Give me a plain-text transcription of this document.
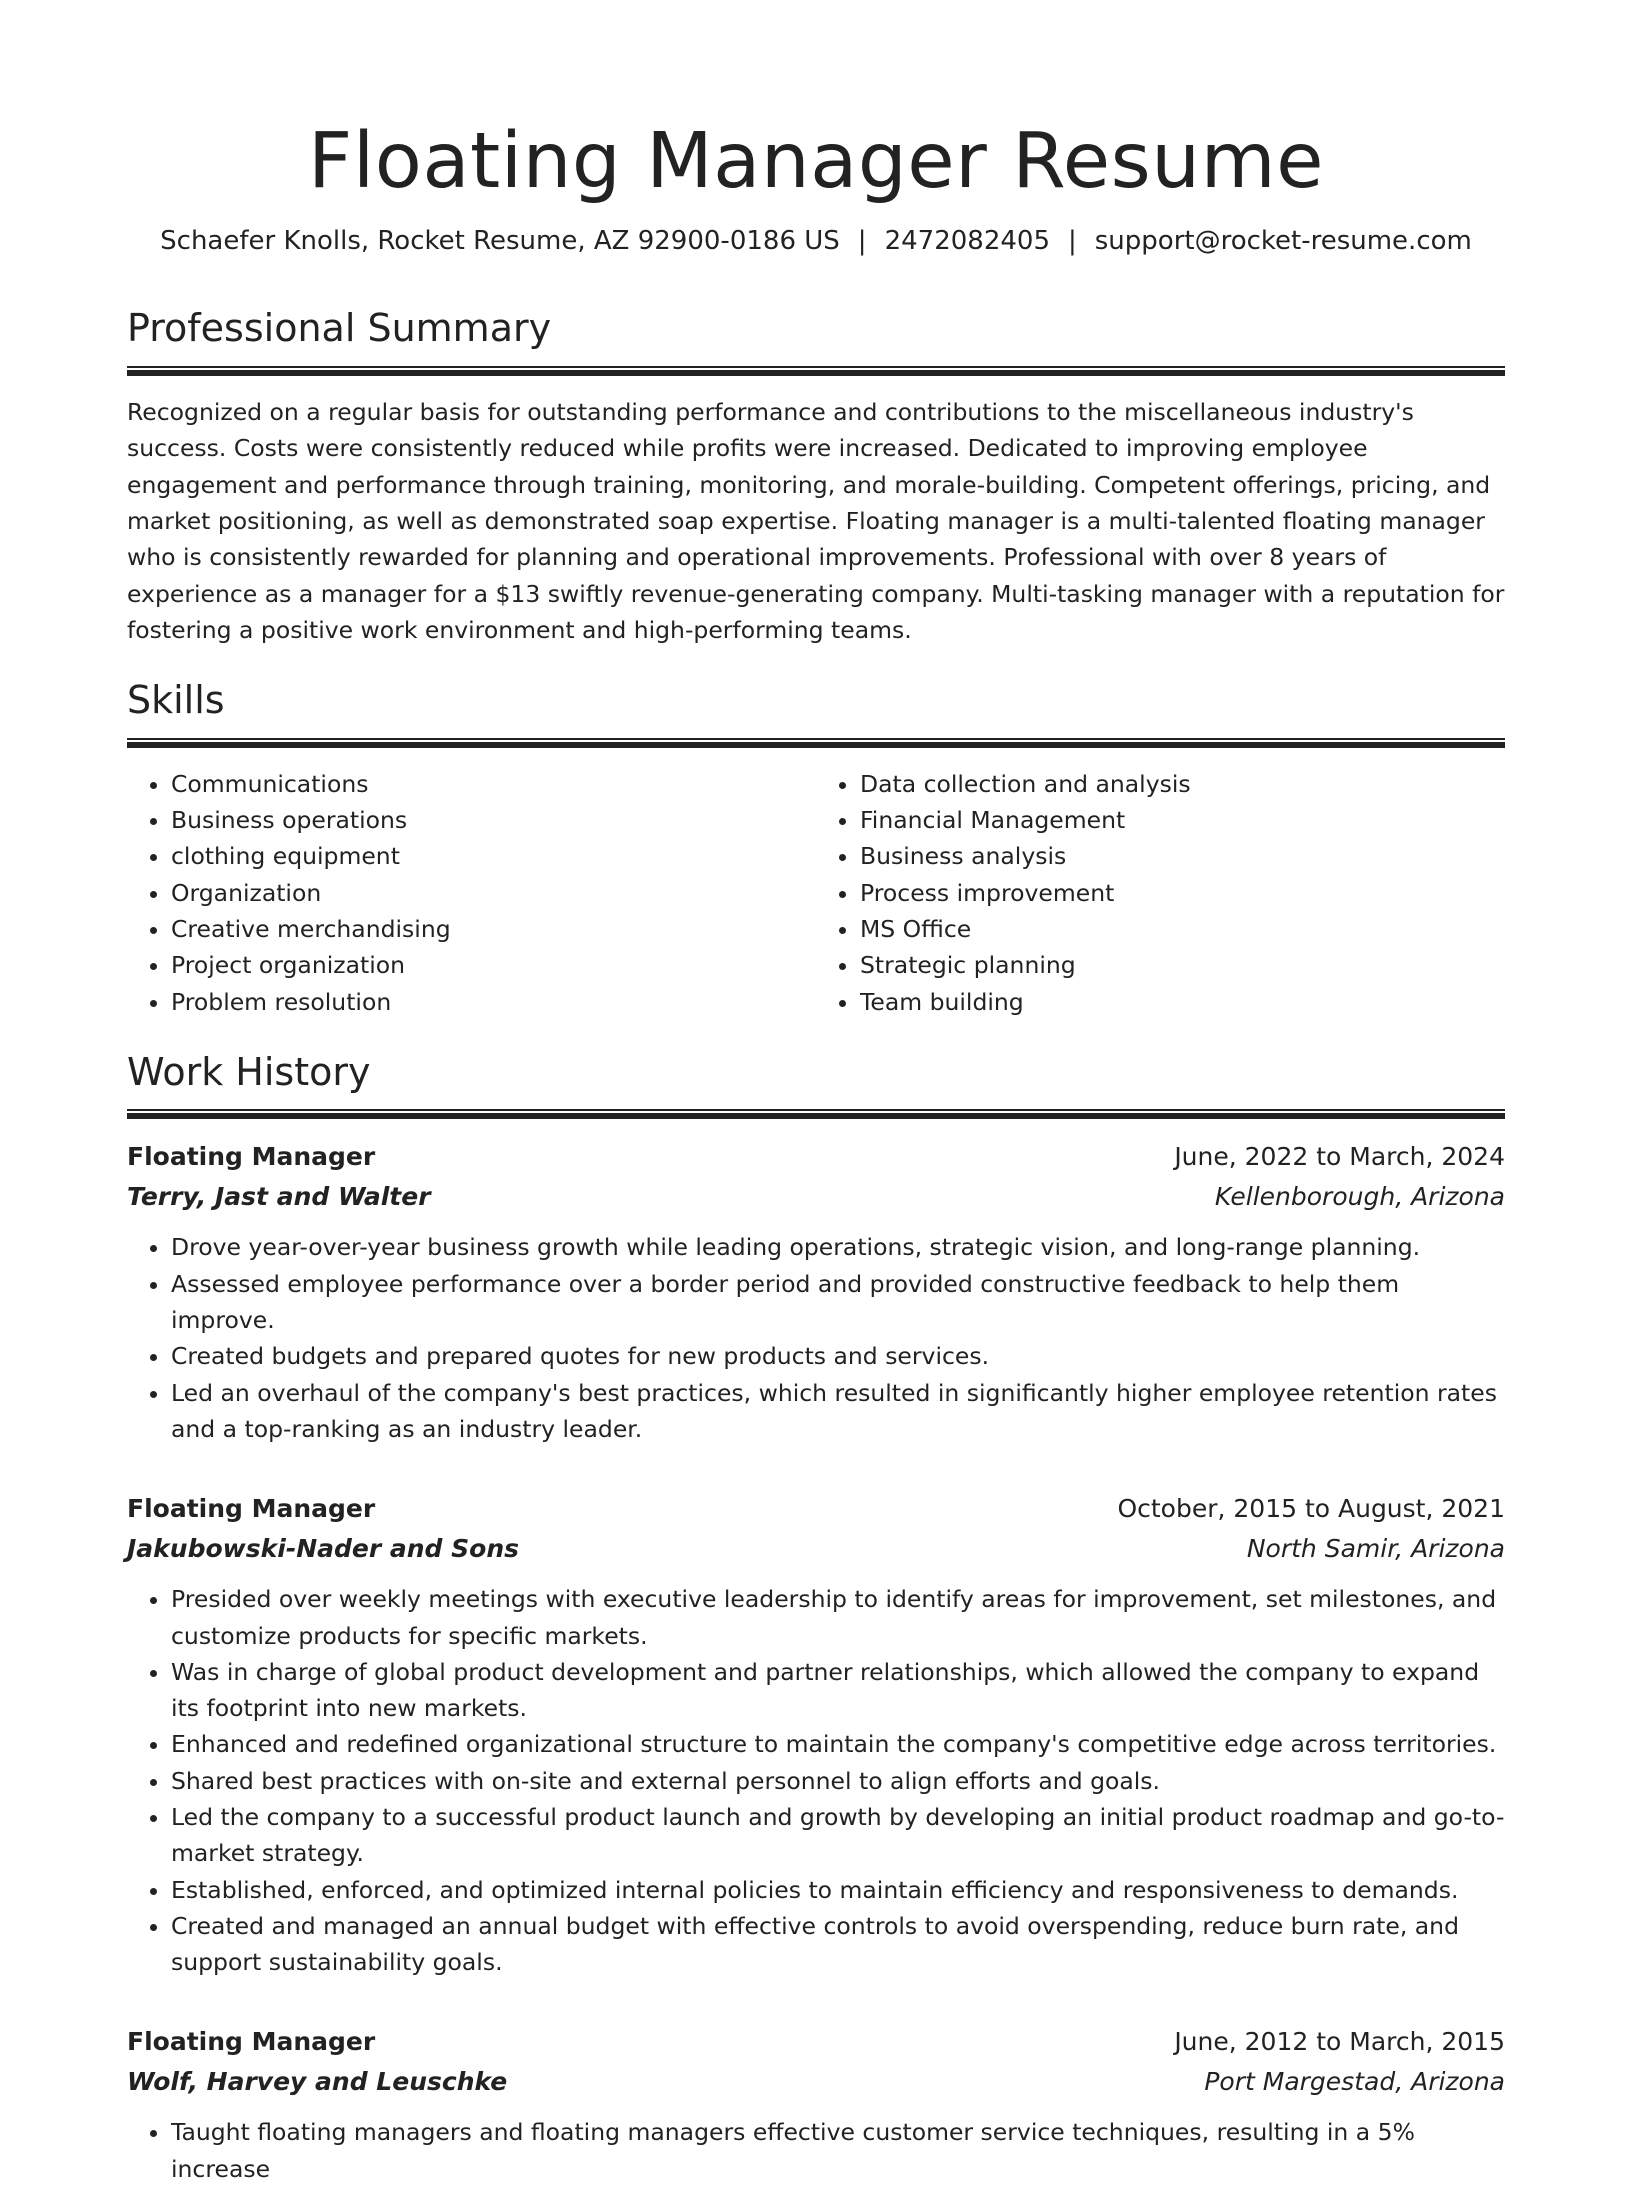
Floating Manager Resume
Schaefer Knolls, Rocket Resume, AZ 92900-0186 US | 2472082405 | support@rocket-resume.com
Professional Summary

Recognized on a regular basis for outstanding performance and contributions to the miscellaneous industry's success. Costs were consistently reduced while profits were increased. Dedicated to improving employee engagement and performance through training, monitoring, and morale-building. Competent offerings, pricing, and market positioning, as well as demonstrated soap expertise. Floating manager is a multi-talented floating manager who is consistently rewarded for planning and operational improvements. Professional with over 8 years of experience as a manager for a $13 swiftly revenue-generating company. Multi-tasking manager with a reputation for fostering a positive work environment and high-performing teams.

Skills
• Communications
• Business operations
• clothing equipment
• Organization
• Creative merchandising
• Project organization
• Problem resolution
• Data collection and analysis
• Financial Management
• Business analysis
• Process improvement
• MS Office
• Strategic planning
• Team building
Work History
Floating Manager	June, 2022 to March, 2024
Terry, Jast and Walter	Kellenborough, Arizona
• Drove year-over-year business growth while leading operations, strategic vision, and long-range planning.
• Assessed employee performance over a border period and provided constructive feedback to help them improve.
• Created budgets and prepared quotes for new products and services.
• Led an overhaul of the company's best practices, which resulted in significantly higher employee retention rates and a top-ranking as an industry leader.
Floating Manager	October, 2015 to August, 2021
Jakubowski-Nader and Sons	North Samir, Arizona
• Presided over weekly meetings with executive leadership to identify areas for improvement, set milestones, and customize products for specific markets.
• Was in charge of global product development and partner relationships, which allowed the company to expand its footprint into new markets.
• Enhanced and redefined organizational structure to maintain the company's competitive edge across territories.
• Shared best practices with on-site and external personnel to align efforts and goals.
• Led the company to a successful product launch and growth by developing an initial product roadmap and go-to-market strategy.
• Established, enforced, and optimized internal policies to maintain efficiency and responsiveness to demands.
• Created and managed an annual budget with effective controls to avoid overspending, reduce burn rate, and support sustainability goals.
Floating Manager	June, 2012 to March, 2015
Wolf, Harvey and Leuschke	Port Margestad, Arizona
• Taught floating managers and floating managers effective customer service techniques, resulting in a 5% increase
